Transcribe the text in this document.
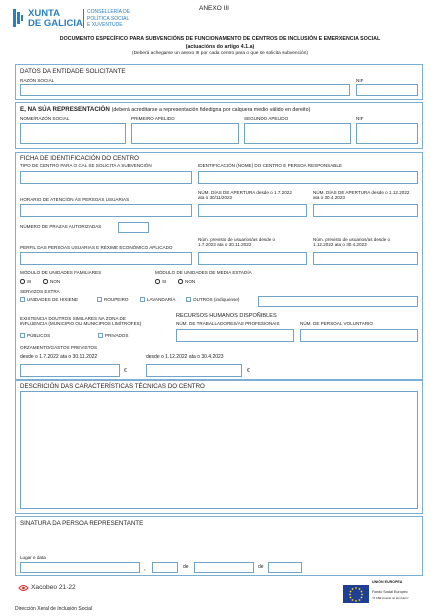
XUNTA
DE GALICIA
CONSELLERÍA DE
POLÍTICA SOCIAL
E XUVENTUDE
ANEXO III
DOCUMENTO ESPECÍFICO PARA SUBVENCIÓNS DE FUNCIONAMENTO DE CENTROS DE INCLUSIÓN E EMERXENCIA SOCIAL
(actuacións do artigo 4.1.a)
(Deberá achegarse un anexo III por cada centro para o que se solicita subvención)
DATOS DA ENTIDADE SOLICITANTE
RAZÓN SOCIAL	NIF
E, NA SÚA REPRESENTACIÓN (deberá acreditarse a representación fidedigna por calquera medio válido en dereito)
NOME/RAZÓN SOCIAL	PRIMEIRO APELIDO	SEGUNDO APELIDO	NIF
FICHA DE IDENTIFICACIÓN DO CENTRO
TIPO DE CENTRO PARA O CAL SE SOLICITA A SUBVENCIÓN	IDENTIFICACIÓN (NOME) DO CENTRO E PERSOA RESPONSABLE
HORARIO DE ATENCIÓN ÁS PERSOAS USUARIAS
NÚM. DÍAS DE APERTURA desde o 1.7.2022
ata o 30/11/2022
NÚM. DÍAS DE APERTURA desde o 1.12.2022
ata o 30.4.2023
NÚMERO DE PRAZAS AUTORIZADAS
PERFIL DAS PERSOAS USUARIAS E RÉXIME ECONÓMICO APLICADO
Núm. previsto de usuarios/as desde o
1.7.2022 ata o 30.11.2022
Núm. previsto de usuarios/as desde o
1.12.2022 ata o 30.4.2023
MÓDULO DE UNIDADES FAMILIARES
SI	NON
MÓDULO DE UNIDADES DE MEDIA ESTADÍA
SI	NON
SERVIZOS EXTRA
UNIDADES DE HIXIENE	ROUPEIRO	LAVANDARÍA	OUTROS (indíquense)
EXISTENCIA DOUTROS SIMILARES NA ZONA DE
INFLUENCIA (MUNICIPIO OU MUNICIPIOS LIMÍTROFES)
PÚBLICOS	PRIVADOS
RECURSOS HUMANOS DISPOÑIBLES
NÚM. DE TRABALLADORES/AS PROFESIONAIS	NÚM. DE PERSOAL VOLUNTARIO
ORZAMENTO/GASTOS PREVISTOS
desde o 1.7.2022 ata o 30.11.2022
€
desde o 1.12.2022 ata o 30.4.2023
€
DESCRICIÓN DAS CARACTERÍSTICAS TÉCNICAS DO CENTRO
SINATURA DA PERSOA REPRESENTANTE
Lugar e data
,	de	de
Xacobeo 21·22
UNIÓN EUROPEA
Fondo Social Europeo
"O FSE invierte no teu futuro"
Dirección Xeral de Inclusión Social
